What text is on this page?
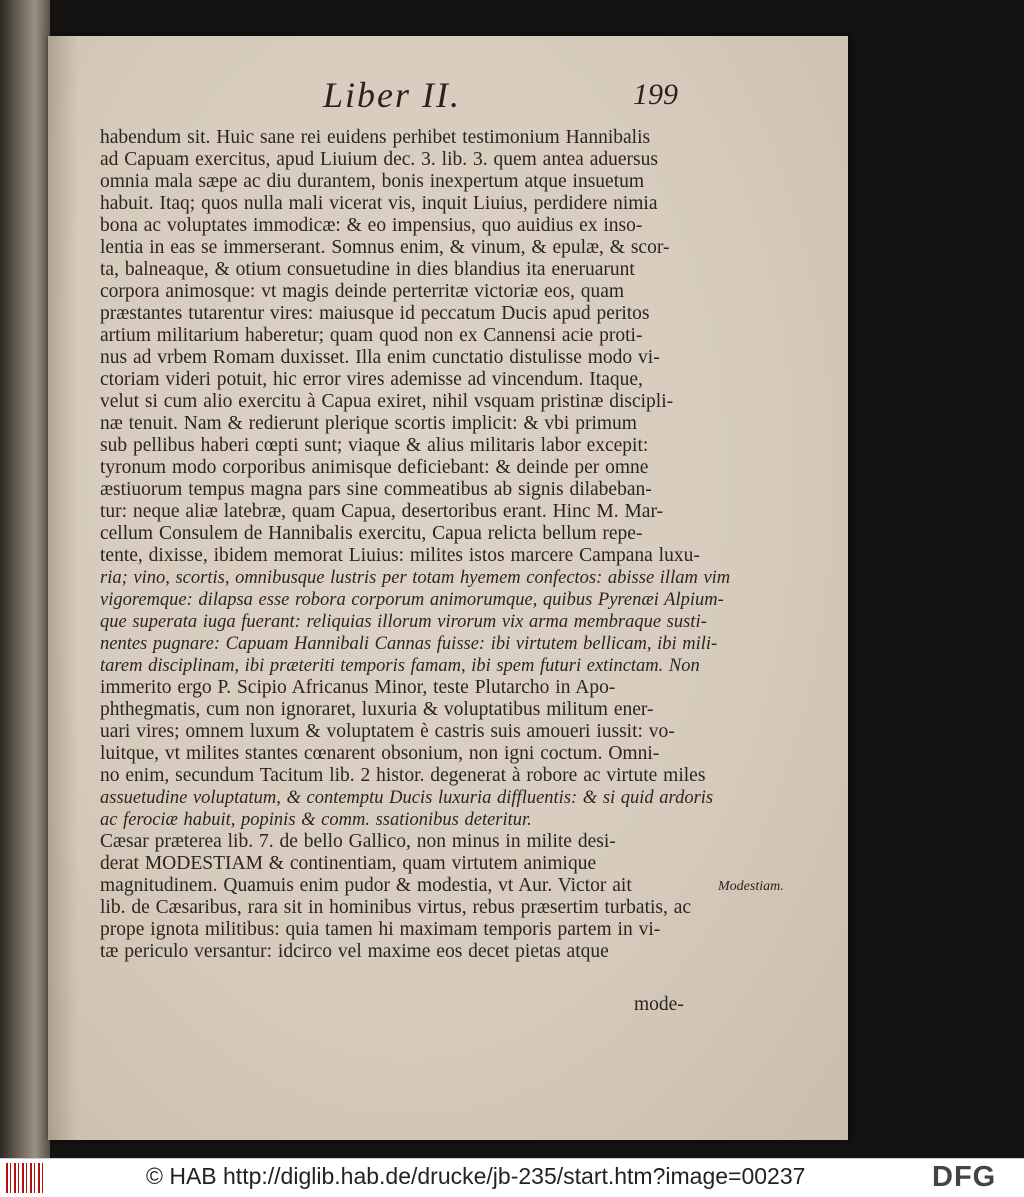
Liber II.	199
habendum sit. Huic sane rei euidens perhibet testimonium Hannibalis
ad Capuam exercitus, apud Liuium dec. 3. lib. 3. quem antea aduersus
omnia mala sæpe ac diu durantem, bonis inexpertum atque insuetum
habuit. Itaq; quos nulla mali vicerat vis, inquit Liuius, perdidere nimia
bona ac voluptates immodicæ: & eo impensius, quo auidius ex inso-
lentia in eas se immerserant. Somnus enim, & vinum, & epulæ, & scor-
ta, balneaque, & otium consuetudine in dies blandius ita eneruarunt
corpora animosque: vt magis deinde perterritæ victoriæ eos, quam
præstantes tutarentur vires: maiusque id peccatum Ducis apud peritos
artium militarium haberetur; quam quod non ex Cannensi acie proti-
nus ad vrbem Romam duxisset. Illa enim cunctatio distulisse modo vi-
ctoriam videri potuit, hic error vires ademisse ad vincendum. Itaque,
velut si cum alio exercitu à Capua exiret, nihil vsquam pristinæ discipli-
næ tenuit. Nam & redierunt plerique scortis implicit: & vbi primum
sub pellibus haberi cœpti sunt; viaque & alius militaris labor excepit:
tyronum modo corporibus animisque deficiebant: & deinde per omne
æstiuorum tempus magna pars sine commeatibus ab signis dilabeban-
tur: neque aliæ latebræ, quam Capua, desertoribus erant. Hinc M. Mar-
cellum Consulem de Hannibalis exercitu, Capua relicta bellum repe-
tente, dixisse, ibidem memorat Liuius: milites istos marcere Campana luxu-
ria; vino, scortis, omnibusque lustris per totam hyemem confectos: abisse illam vim
vigoremque: dilapsa esse robora corporum animorumque, quibus Pyrenæi Alpium-
que superata iuga fuerant: reliquias illorum virorum vix arma membraque susti-
nentes pugnare: Capuam Hannibali Cannas fuisse: ibi virtutem bellicam, ibi mili-
tarem disciplinam, ibi præteriti temporis famam, ibi spem futuri extinctam. Non
immerito ergo P. Scipio Africanus Minor, teste Plutarcho in Apo-
phthegmatis, cum non ignoraret, luxuria & voluptatibus militum ener-
uari vires; omnem luxum & voluptatem è castris suis amoueri iussit: vo-
luitque, vt milites stantes cœnarent obsonium, non igni coctum. Omni-
no enim, secundum Tacitum lib. 2 histor. degenerat à robore ac virtute miles
assuetudine voluptatum, & contemptu Ducis luxuria diffluentis: & si quid ardoris
ac ferociæ habuit, popinis & comm. ssationibus deteritur.
Cæsar præterea lib. 7. de bello Gallico, non minus in milite desi-
derat MODESTIAM & continentiam, quam virtutem animique
magnitudinem. Quamuis enim pudor & modestia, vt Aur. Victor ait
lib. de Cæsaribus, rara sit in hominibus virtus, rebus præsertim turbatis, ac
prope ignota militibus: quia tamen hi maximam temporis partem in vi-
tæ periculo versantur: idcirco vel maxime eos decet pietas atque
Modestiam.
mode-
© HAB http://diglib.hab.de/drucke/jb-235/start.htm?image=00237	DFG
